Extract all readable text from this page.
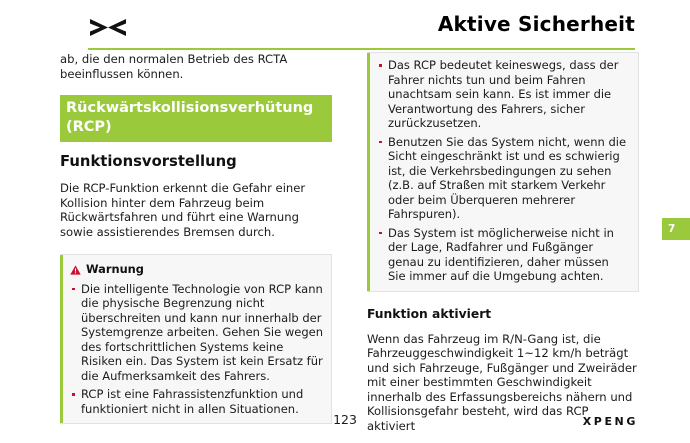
Aktive Sicherheit

ab, die den normalen Betrieb des RCTA beeinflussen können.

Rückwärtskollisionsverhütung (RCP)
Funktionsvorstellung

Die RCP-Funktion erkennt die Gefahr einer Kollision hinter dem Fahrzeug beim Rückwärtsfahren und führt eine Warnung sowie assistierendes Bremsen durch.

Warnung
Die intelligente Technologie von RCP kann die physische Begrenzung nicht überschreiten und kann nur innerhalb der Systemgrenze arbeiten. Gehen Sie wegen des fortschrittlichen Systems keine Risiken ein. Das System ist kein Ersatz für die Aufmerksamkeit des Fahrers.
RCP ist eine Fahrassistenzfunktion und funktioniert nicht in allen Situationen.
Das RCP bedeutet keineswegs, dass der Fahrer nichts tun und beim Fahren unachtsam sein kann. Es ist immer die Verantwortung des Fahrers, sicher zurückzusetzen.
Benutzen Sie das System nicht, wenn die Sicht eingeschränkt ist und es schwierig ist, die Verkehrsbedingungen zu sehen (z.B. auf Straßen mit starkem Verkehr oder beim Überqueren mehrerer Fahrspuren).
Das System ist möglicherweise nicht in der Lage, Radfahrer und Fußgänger genau zu identifizieren, daher müssen Sie immer auf die Umgebung achten.
Funktion aktiviert

Wenn das Fahrzeug im R/N-Gang ist, die Fahrzeuggeschwindigkeit 1~12 km/h beträgt und sich Fahrzeuge, Fußgänger und Zweiräder mit einer bestimmten Geschwindigkeit innerhalb des Erfassungsbereichs nähern und Kollisionsgefahr besteht, wird das RCP aktiviert

7
123	XPENG
